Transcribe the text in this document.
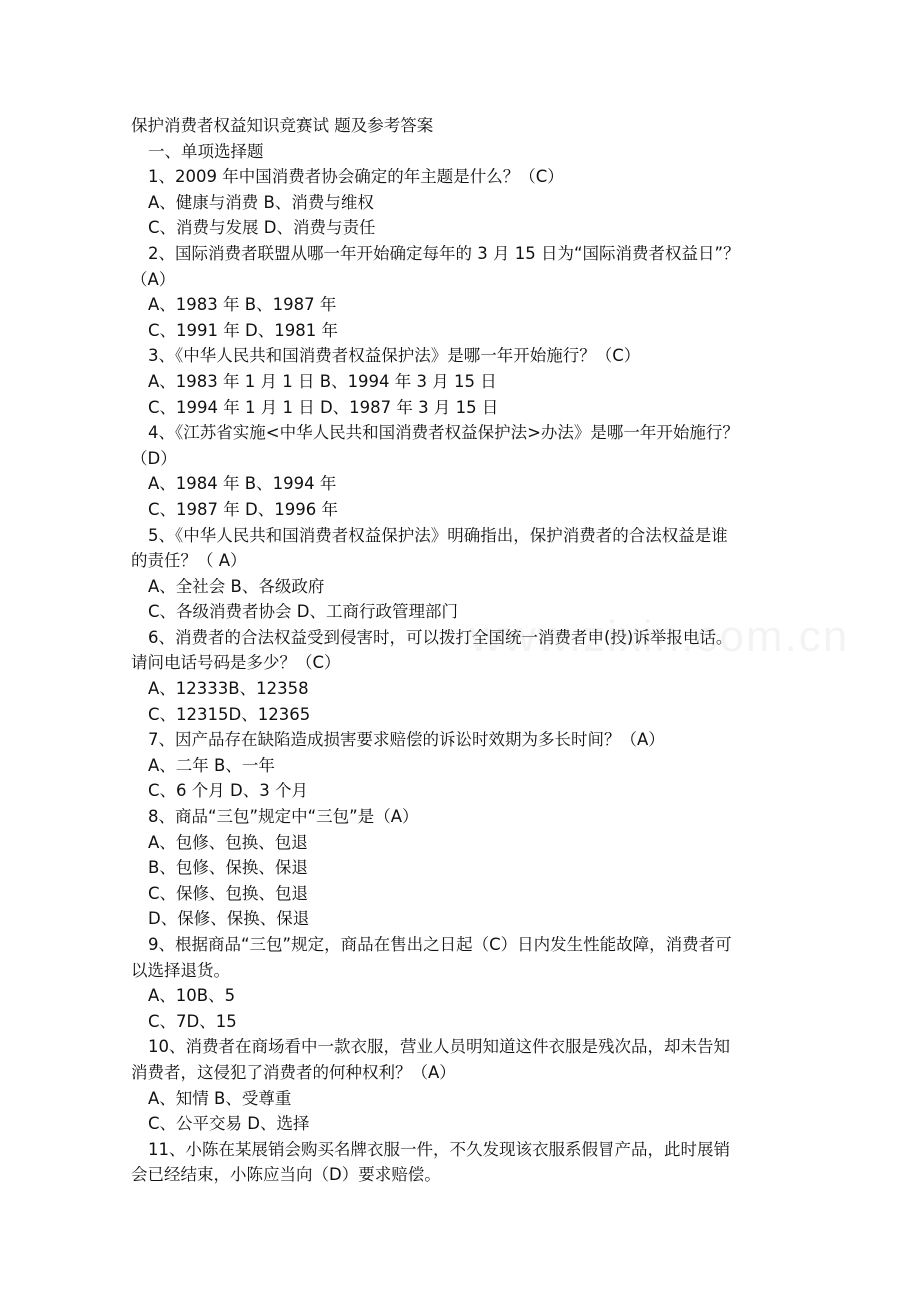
保护消费者权益知识竞赛试 题及参考答案
一、单项选择题
1、2009 年中国消费者协会确定的年主题是什么？（C）
A、健康与消费 B、消费与维权
C、消费与发展 D、消费与责任
2、国际消费者联盟从哪一年开始确定每年的 3 月 15 日为“国际消费者权益日”？
（A）
A、1983 年 B、1987 年
C、1991 年 D、1981 年
3、《中华人民共和国消费者权益保护法》是哪一年开始施行？（C）
A、1983 年 1 月 1 日 B、1994 年 3 月 15 日
C、1994 年 1 月 1 日 D、1987 年 3 月 15 日
4、《江苏省实施<中华人民共和国消费者权益保护法>办法》是哪一年开始施行？
（D）
A、1984 年 B、1994 年
C、1987 年 D、1996 年
5、《中华人民共和国消费者权益保护法》明确指出，保护消费者的合法权益是谁
的责任？（ A）
A、全社会 B、各级政府
C、各级消费者协会 D、工商行政管理部门
6、消费者的合法权益受到侵害时，可以拨打全国统一消费者申(投)诉举报电话。
请问电话号码是多少？（C）
A、12333B、12358
C、12315D、12365
7、因产品存在缺陷造成损害要求赔偿的诉讼时效期为多长时间？（A）
A、二年 B、一年
C、6 个月 D、3 个月
8、商品“三包”规定中“三包”是（A）
A、包修、包换、包退
B、包修、保换、保退
C、保修、包换、包退
D、保修、保换、保退
9、根据商品“三包”规定，商品在售出之日起（C）日内发生性能故障，消费者可
以选择退货。
A、10B、5
C、7D、15
10、消费者在商场看中一款衣服，营业人员明知道这件衣服是残次品，却未告知
消费者，这侵犯了消费者的何种权利？（A）
A、知情 B、受尊重
C、公平交易 D、选择
11、小陈在某展销会购买名牌衣服一件，不久发现该衣服系假冒产品，此时展销
会已经结束，小陈应当向（D）要求赔偿。
